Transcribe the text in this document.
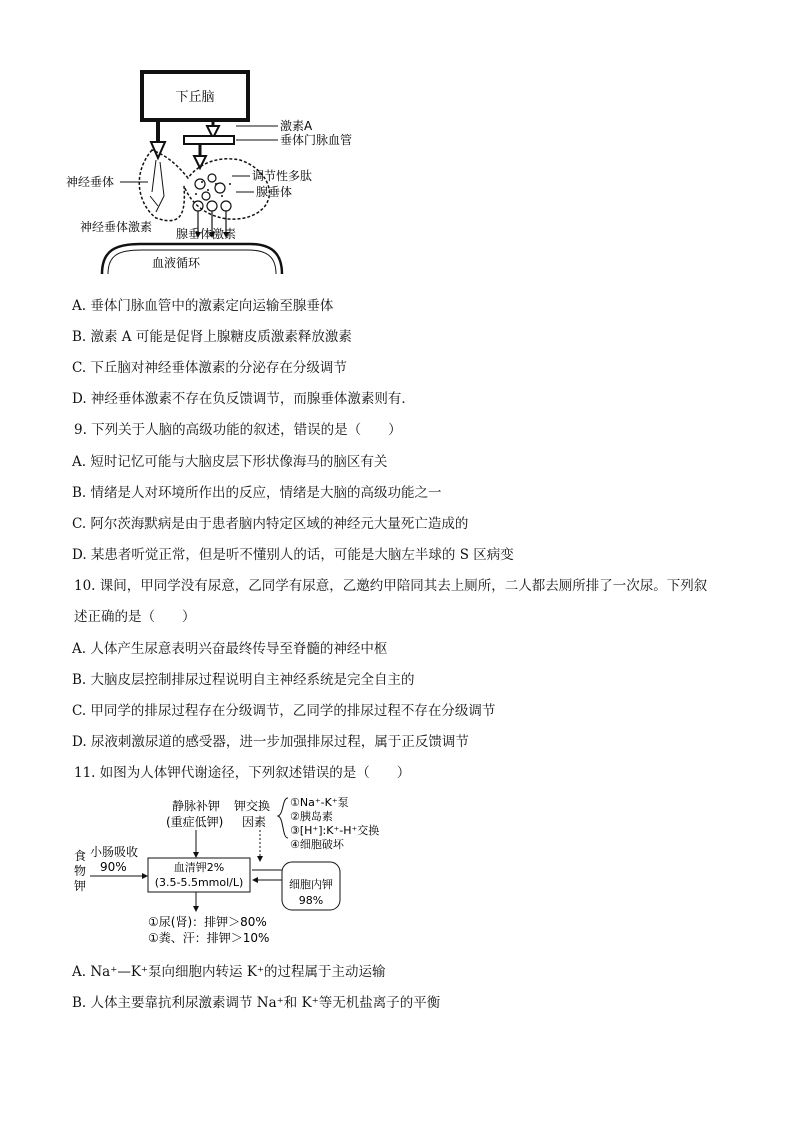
下丘脑
激素A
垂体门脉血管
调节性多肽
腺垂体
神经垂体
神经垂体激素 腺垂体激素
血液循环
A. 垂体门脉血管中的激素定向运输至腺垂体
B. 激素 A 可能是促肾上腺糖皮质激素释放激素
C. 下丘脑对神经垂体激素的分泌存在分级调节
D. 神经垂体激素不存在负反馈调节，而腺垂体激素则有．
9. 下列关于人脑的高级功能的叙述，错误的是（　　）
A. 短时记忆可能与大脑皮层下形状像海马的脑区有关
B. 情绪是人对环境所作出的反应，情绪是大脑的高级功能之一
C. 阿尔茨海默病是由于患者脑内特定区域的神经元大量死亡造成的
D. 某患者听觉正常，但是听不懂别人的话，可能是大脑左半球的 S 区病变
10. 课间，甲同学没有尿意，乙同学有尿意，乙邀约甲陪同其去上厕所，二人都去厕所排了一次尿。下列叙
述正确的是（　　）
A. 人体产生尿意表明兴奋最终传导至脊髓的神经中枢
B. 大脑皮层控制排尿过程说明自主神经系统是完全自主的
C. 甲同学的排尿过程存在分级调节，乙同学的排尿过程不存在分级调节
D. 尿液刺激尿道的感受器，进一步加强排尿过程，属于正反馈调节
11. 如图为人体钾代谢途径，下列叙述错误的是（　　）
静脉补钾
(重症低钾)
钾交换
因素
①Na⁺-K⁺泵
②胰岛素
③[H⁺]:K⁺-H⁺交换
④细胞破坏
食
物
钾
小肠吸收
90%	血清钾2%
(3.5-5.5mmol/L)	细胞内钾
98%
①尿(肾)：排钾＞80%
①粪、汗：排钾＞10%
A. Na⁺—K⁺泵向细胞内转运 K⁺的过程属于主动运输
B. 人体主要靠抗利尿激素调节 Na⁺和 K⁺等无机盐离子的平衡
